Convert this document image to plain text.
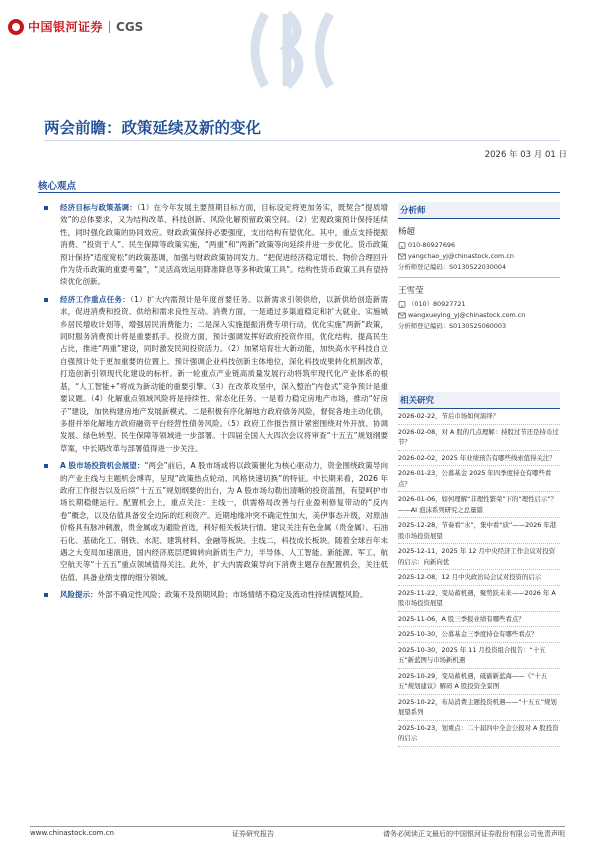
中国银河证券 CGS
两会前瞻：政策延续及新的变化
2026 年 03 月 01 日
核心观点
经济目标与政策基调：（1）在今年发展主要预期目标方面，目标设定将更加务实，既契合“提质增效”的总体要求，又为结构改革、科技创新、风险化解预留政策空间。（2）宏观政策预计保持延续性，同时强化政策的协同效应。财政政策保持必要强度，支出结构有望优化。其中，重点支持提振消费、“投资于人”、民生保障等政策实施，“两重”和“两新”政策等向延续并进一步优化。货币政策预计保持“适度宽松”的政策基调，加强与财政政策协同发力。“把促进经济稳定增长、物价合理回升作为货币政策的重要考量”，“灵活高效运用降准降息等多种政策工具”。结构性货币政策工具有望持续优化创新。
经济工作重点任务：（1）扩大内需预计是年度首要任务。以新需求引领供给，以新供给创造新需求，促进消费和投资、供给和需求良性互动。消费方面，一是通过多渠道稳定和扩大就业、实施城乡居民增收计划等，增强居民消费能力；二是深入实施提振消费专项行动，优化实施“两新”政策，同时服务消费预计将是重要抓手。投资方面，预计强调发挥好政府投资作用，优化结构、提高民生占比，推进“两重”建设，同时激发民间投资活力。（2）加紧培育壮大新动能，加快高水平科技自立自强预计处于更加重要的位置上。预计强调企业科技创新主体地位，深化科技成果转化机制改革，打造创新引领现代化建设的标杆。新一轮重点产业链高质量发展行动将筑牢现代化产业体系的根基，“人工智能+”将成为新动能的重要引擎。（3）在改革攻坚中，深入整治“内卷式”竞争预计是重要议题。（4）化解重点领域风险将是持续性、常态化任务。一是着力稳定房地产市场，推动“好房子”建设，加快构建房地产发展新模式。二是积极有序化解地方政府债务风险，督促各地主动化债，多措并举化解地方政府融资平台经营性债务风险。（5）政府工作报告预计紧密围绕对外开放、协调发展、绿色转型、民生保障等领域进一步部署。十四届全国人大四次会议将审查“十五五”规划纲要草案，中长期改革与部署值得进一步关注。
A 股市场投资机会展望：“两会”前后，A 股市场或将以政策催化为核心驱动力，资金围绕政策导向的产业主线与主题机会博弈，呈现“政策热点轮动、风格快速切换”的特征。中长期来看，2026 年政府工作报告以及后续“十五五”规划纲要的出台，为 A 股市场勾勒出清晰的投资蓝图，有望呵护市场长期稳健运行。配置机会上，重点关注：主线一，供需格局改善与行业盈利修复带动的“反内卷”概念，以及估值具备安全边际的红利资产。近期地缘冲突不确定性加大，美伊事态升级，对原油价格具有脉冲刺激，贵金属或为避险首选，利好相关板块行情。建议关注有色金属（贵金属）、石油石化、基础化工、钢铁、水泥、建筑材料、金融等板块。主线二，科技成长板块。随着全球百年未遇之大变局加速演进，国内经济底层逻辑转向新质生产力，半导体、人工智能、新能源、军工、航空航天等“十五五”重点领域值得关注。此外，扩大内需政策导向下消费主题存在配置机会，关注低估值、具备业绩支撑的细分领域。
风险提示：外部不确定性风险；政策不及预期风险；市场情绪不稳定及流动性持续调整风险。
分析师
杨超
010-80927696
yangchao_yj@chinastock.com.cn
分析师登记编码：S0130522030004
王雪莹
（010）80927721
wangxueying_yj@chinastock.com.cn
分析师登记编码：S0130525060003
相关研究
2026-02-22，节后市场如何演绎？
2026-02-08，对 A 股的几点理解：持股过节还是持币过节？
2026-02-02，2025 年业绩预告有哪些线索值得关注？
2026-01-23，公募基金 2025 年四季度持仓有哪些看点？
2026-01-06，如何理解“非理性繁荣”下的“理性启示”？——AI 泡沫系列研究之总量篇
2025-12-28，节奏看“水”，集中看“质”——2026 年港股市场投资展望
2025-12-11，2025 年 12 月中央经济工作会议对投资的启示：向新向优
2025-12-08，12 月中央政治局会议对投资的启示
2025-11-22，变局蓄机遇，聚势跃未来——2026 年 A 股市场投资展望
2025-11-06，A 股三季报业绩有哪些看点？
2025-10-30，公募基金三季度持仓有哪些看点？
2025-10-30，2025 年 11 月投资组合报告：“十五五”新蓝图与市场新机遇
2025-10-29，变局蓄机遇，砥砺新蓝海——《“十五五”规划建议》解码 A 股投资全景图
2025-10-22，布局消费主题投资机遇——“十五五”规划展望系列
2025-10-23，划重点：二十届四中全会公报对 A 股投资的启示
www.chinastock.com.cn	证券研究报告	请务必阅读正文最后的中国银河证券股份有限公司免责声明
